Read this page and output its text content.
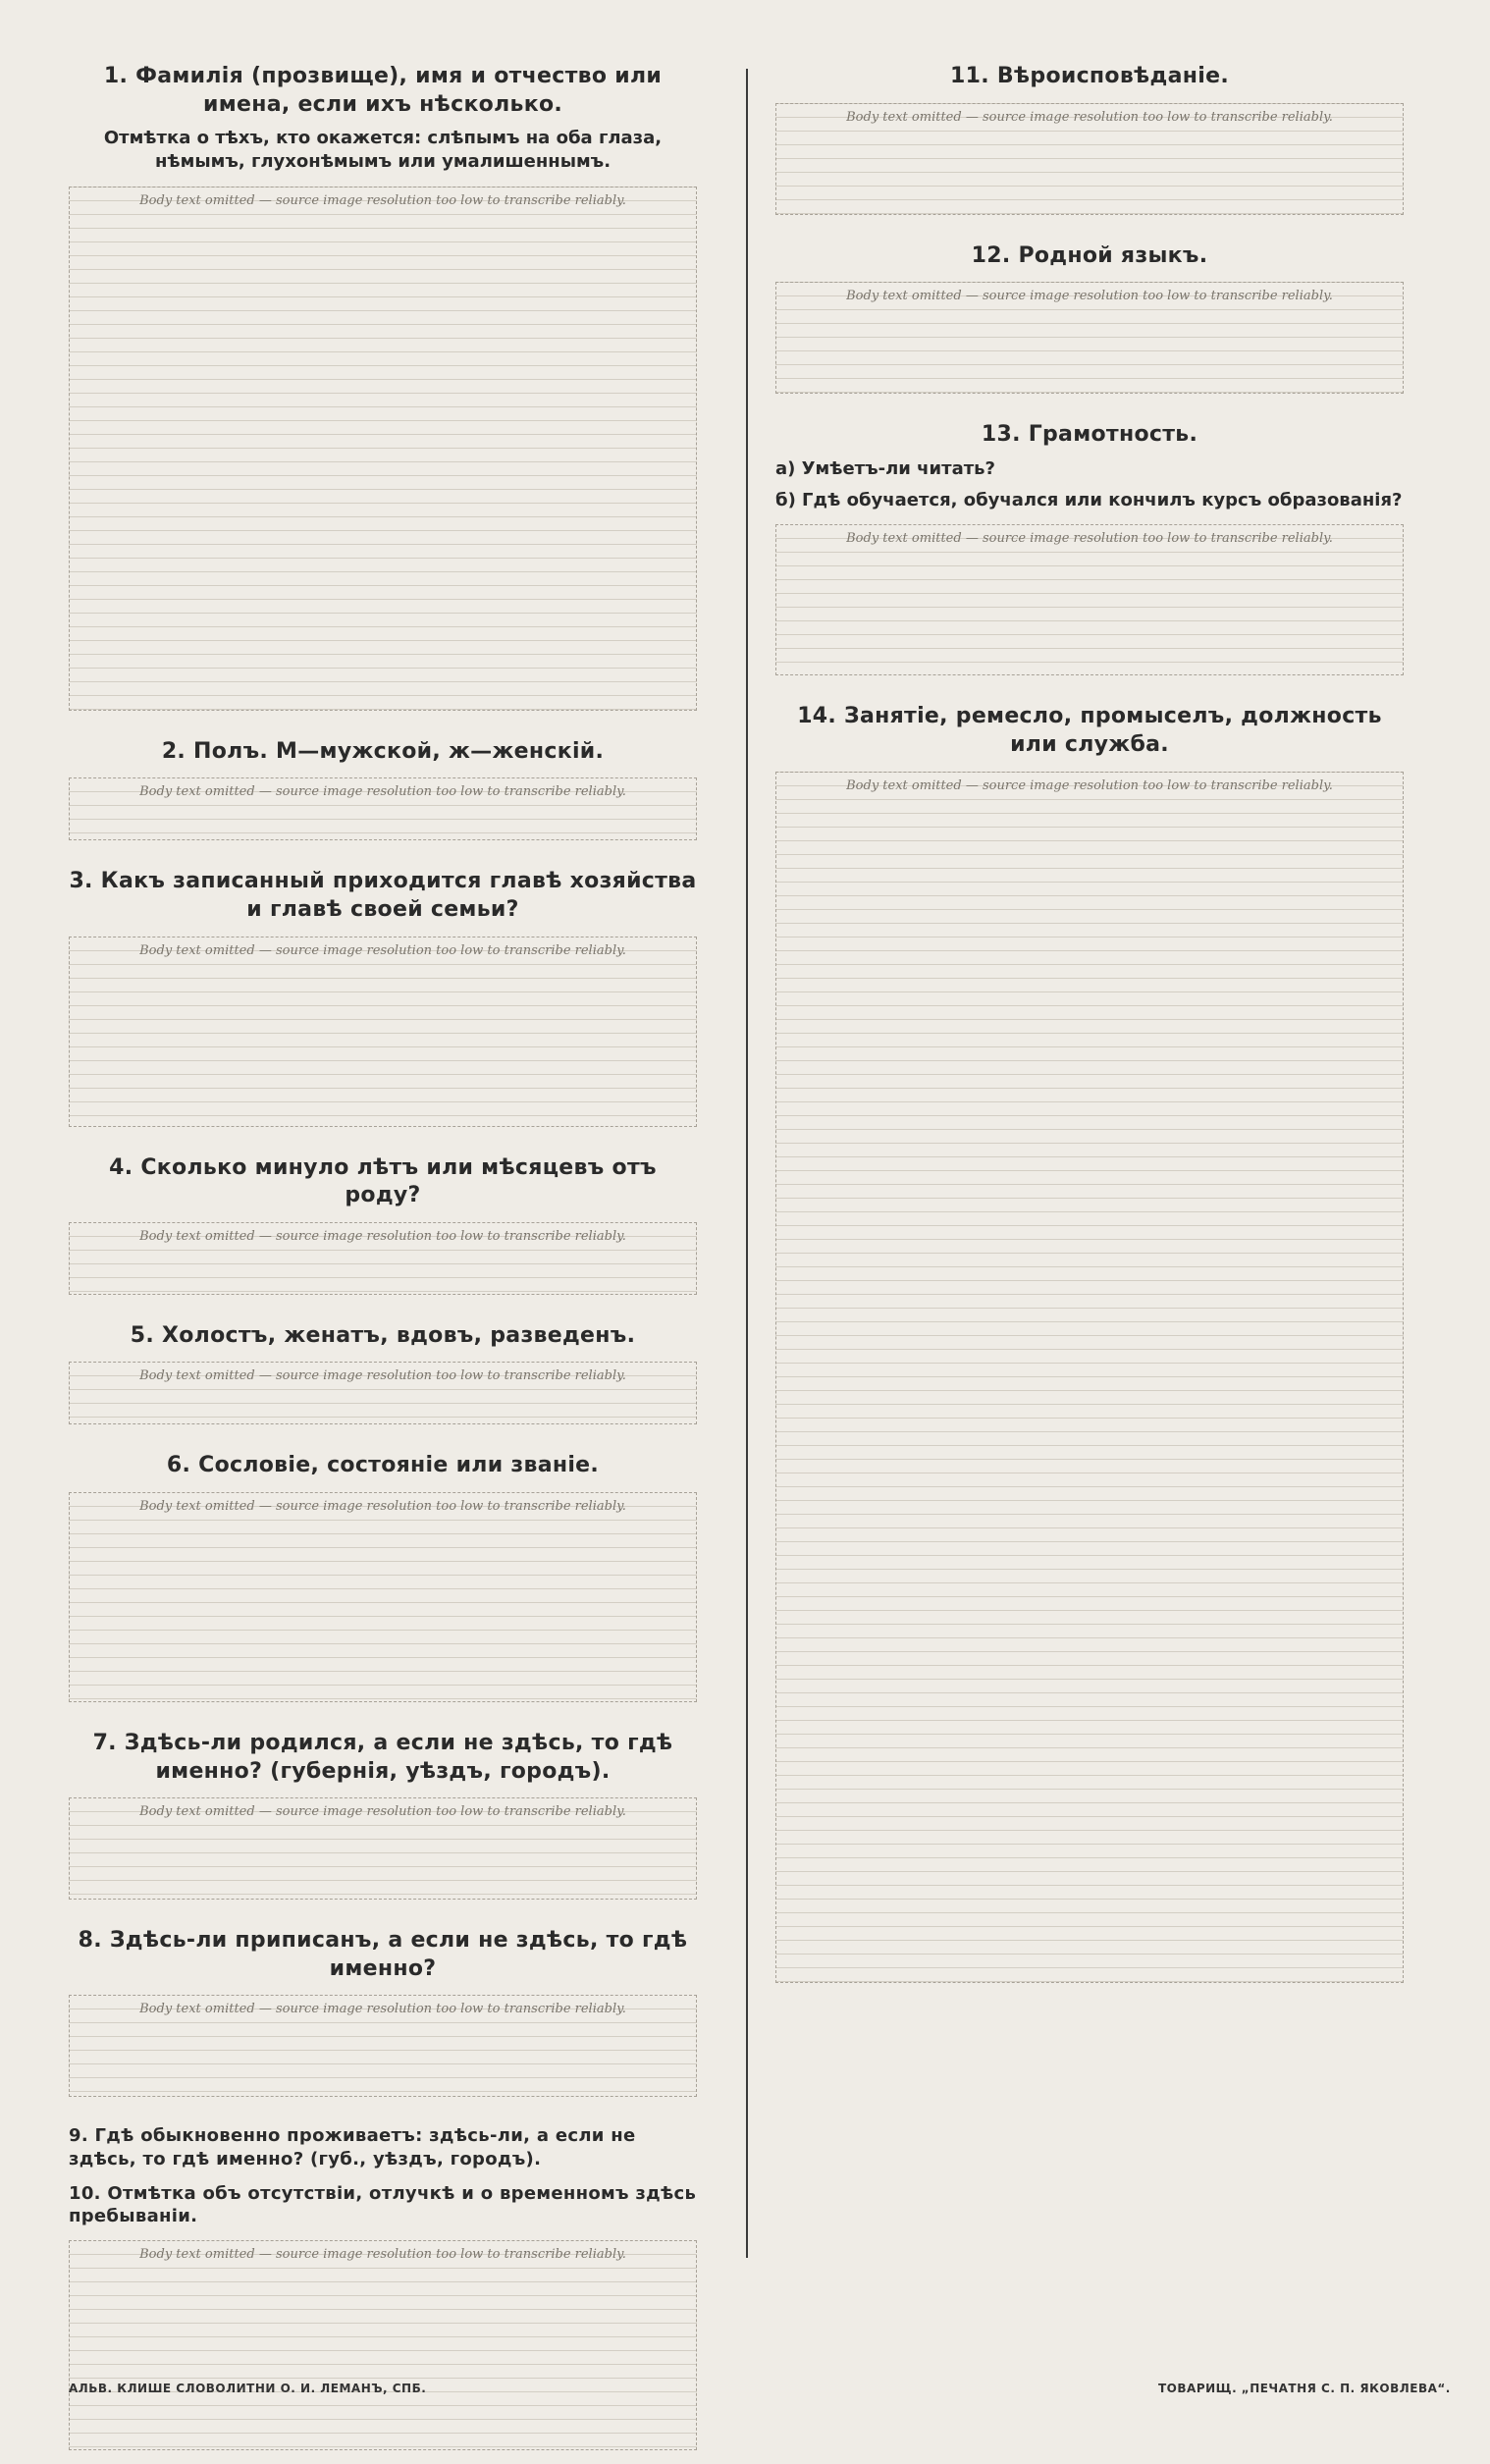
1. Фамилія (прозвище), имя и отчество или имена, если ихъ нѣсколько.
Отмѣтка о тѣхъ, кто окажется: слѣпымъ на оба глаза, нѣмымъ, глухонѣмымъ или умалишеннымъ.
Body text omitted — source image resolution too low to transcribe reliably.
2. Полъ. М—мужской, ж—женскій.
Body text omitted — source image resolution too low to transcribe reliably.
3. Какъ записанный приходится главѣ хозяйства и главѣ своей семьи?
Body text omitted — source image resolution too low to transcribe reliably.
4. Сколько минуло лѣтъ или мѣсяцевъ отъ роду?
Body text omitted — source image resolution too low to transcribe reliably.
5. Холостъ, женатъ, вдовъ, разведенъ.
Body text omitted — source image resolution too low to transcribe reliably.
6. Сословіе, состояніе или званіе.
Body text omitted — source image resolution too low to transcribe reliably.
7. Здѣсь-ли родился, а если не здѣсь, то гдѣ именно? (губернія, уѣздъ, городъ).
Body text omitted — source image resolution too low to transcribe reliably.
8. Здѣсь-ли приписанъ, а если не здѣсь, то гдѣ именно?
Body text omitted — source image resolution too low to transcribe reliably.
9. Гдѣ обыкновенно проживаетъ: здѣсь-ли, а если не здѣсь, то гдѣ именно? (губ., уѣздъ, городъ).
10. Отмѣтка объ отсутствіи, отлучкѣ и о временномъ здѣсь пребываніи.
Body text omitted — source image resolution too low to transcribe reliably.
11. Вѣроисповѣданіе.
Body text omitted — source image resolution too low to transcribe reliably.
12. Родной языкъ.
Body text omitted — source image resolution too low to transcribe reliably.
13. Грамотность.
а) Умѣетъ-ли читать?
б) Гдѣ обучается, обучался или кончилъ курсъ образованія?
Body text omitted — source image resolution too low to transcribe reliably.
14. Занятіе, ремесло, промыселъ, должность или служба.
Body text omitted — source image resolution too low to transcribe reliably.
АЛЬВ. КЛИШЕ СЛОВОЛИТНИ О. И. ЛЕМАНЪ, СПБ.	ТОВАРИЩ. „ПЕЧАТНЯ С. П. ЯКОВЛЕВА“.
